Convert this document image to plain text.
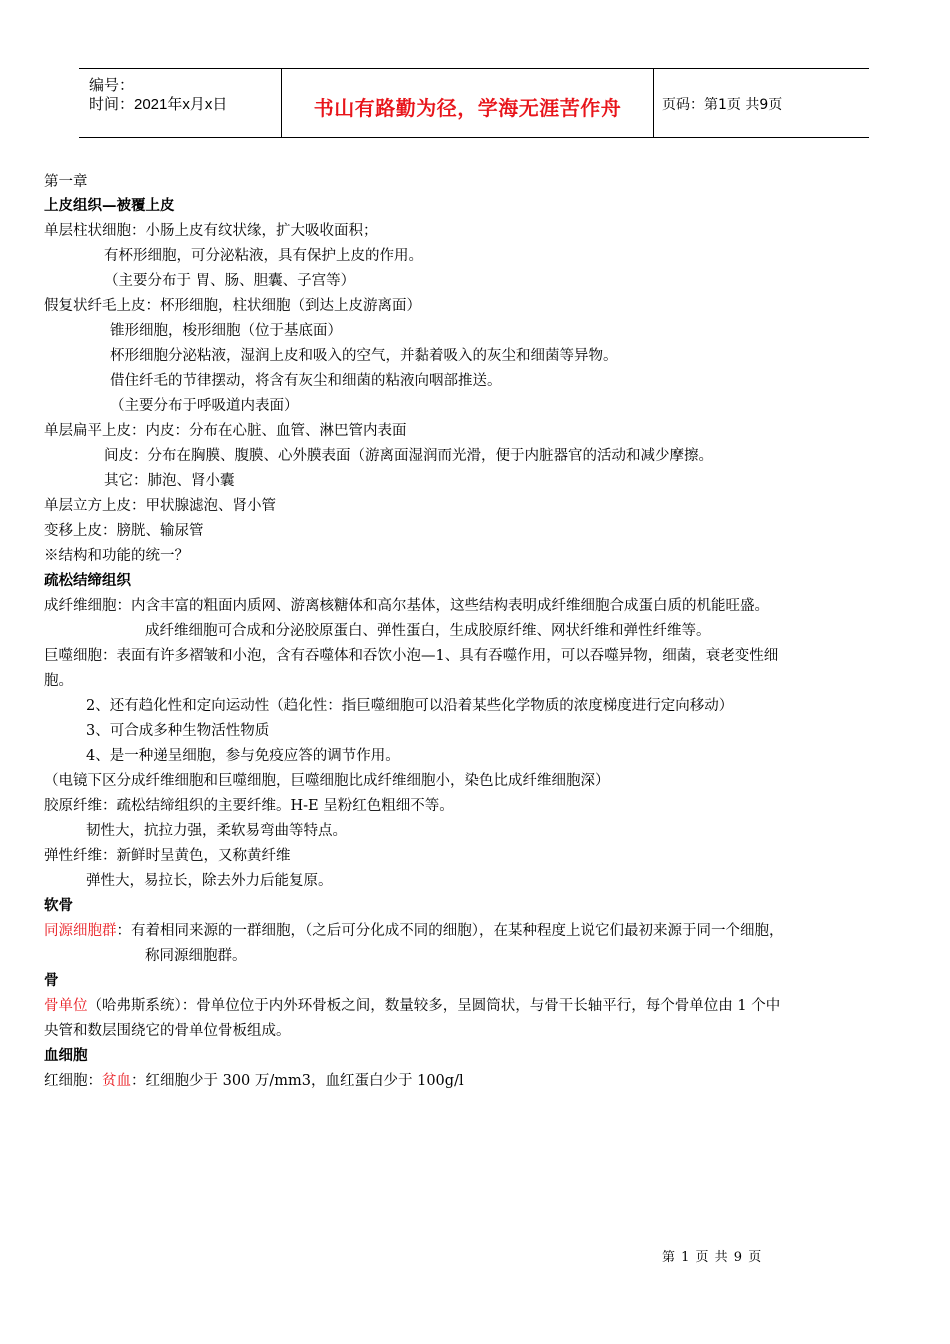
编号：
时间：2021年x月x日	书山有路勤为径，学海无涯苦作舟	页码：第1页 共9页
第一章
上皮组织—被覆上皮
单层柱状细胞：小肠上皮有纹状缘，扩大吸收面积；
有杯形细胞，可分泌粘液，具有保护上皮的作用。
（主要分布于 胃、肠、胆囊、子宫等）
假复状纤毛上皮：杯形细胞，柱状细胞（到达上皮游离面）
锥形细胞，梭形细胞（位于基底面）
杯形细胞分泌粘液，湿润上皮和吸入的空气，并黏着吸入的灰尘和细菌等异物。
借住纤毛的节律摆动，将含有灰尘和细菌的粘液向咽部推送。
（主要分布于呼吸道内表面）
单层扁平上皮：内皮：分布在心脏、血管、淋巴管内表面
间皮：分布在胸膜、腹膜、心外膜表面（游离面湿润而光滑，便于内脏器官的活动和减少摩擦。
其它：肺泡、肾小囊
单层立方上皮：甲状腺滤泡、肾小管
变移上皮：膀胱、输尿管
※结构和功能的统一？
疏松结缔组织
成纤维细胞：内含丰富的粗面内质网、游离核糖体和高尔基体，这些结构表明成纤维细胞合成蛋白质的机能旺盛。
成纤维细胞可合成和分泌胶原蛋白、弹性蛋白，生成胶原纤维、网状纤维和弹性纤维等。
巨噬细胞：表面有许多褶皱和小泡，含有吞噬体和吞饮小泡—1、具有吞噬作用，可以吞噬异物，细菌，衰老变性细
胞。
2、还有趋化性和定向运动性（趋化性：指巨噬细胞可以沿着某些化学物质的浓度梯度进行定向移动）
3、可合成多种生物活性物质
4、是一种递呈细胞，参与免疫应答的调节作用。
（电镜下区分成纤维细胞和巨噬细胞，巨噬细胞比成纤维细胞小，染色比成纤维细胞深）
胶原纤维：疏松结缔组织的主要纤维。H-E 呈粉红色粗细不等。
韧性大，抗拉力强，柔软易弯曲等特点。
弹性纤维：新鲜时呈黄色，又称黄纤维
弹性大，易拉长，除去外力后能复原。
软骨
同源细胞群：有着相同来源的一群细胞，（之后可分化成不同的细胞），在某种程度上说它们最初来源于同一个细胞，
称同源细胞群。
骨
骨单位（哈弗斯系统）：骨单位位于内外环骨板之间，数量较多，呈圆筒状，与骨干长轴平行，每个骨单位由 1 个中
央管和数层围绕它的骨单位骨板组成。
血细胞
红细胞：贫血：红细胞少于 300 万/mm3，血红蛋白少于 100g/l
第 1 页 共 9 页
